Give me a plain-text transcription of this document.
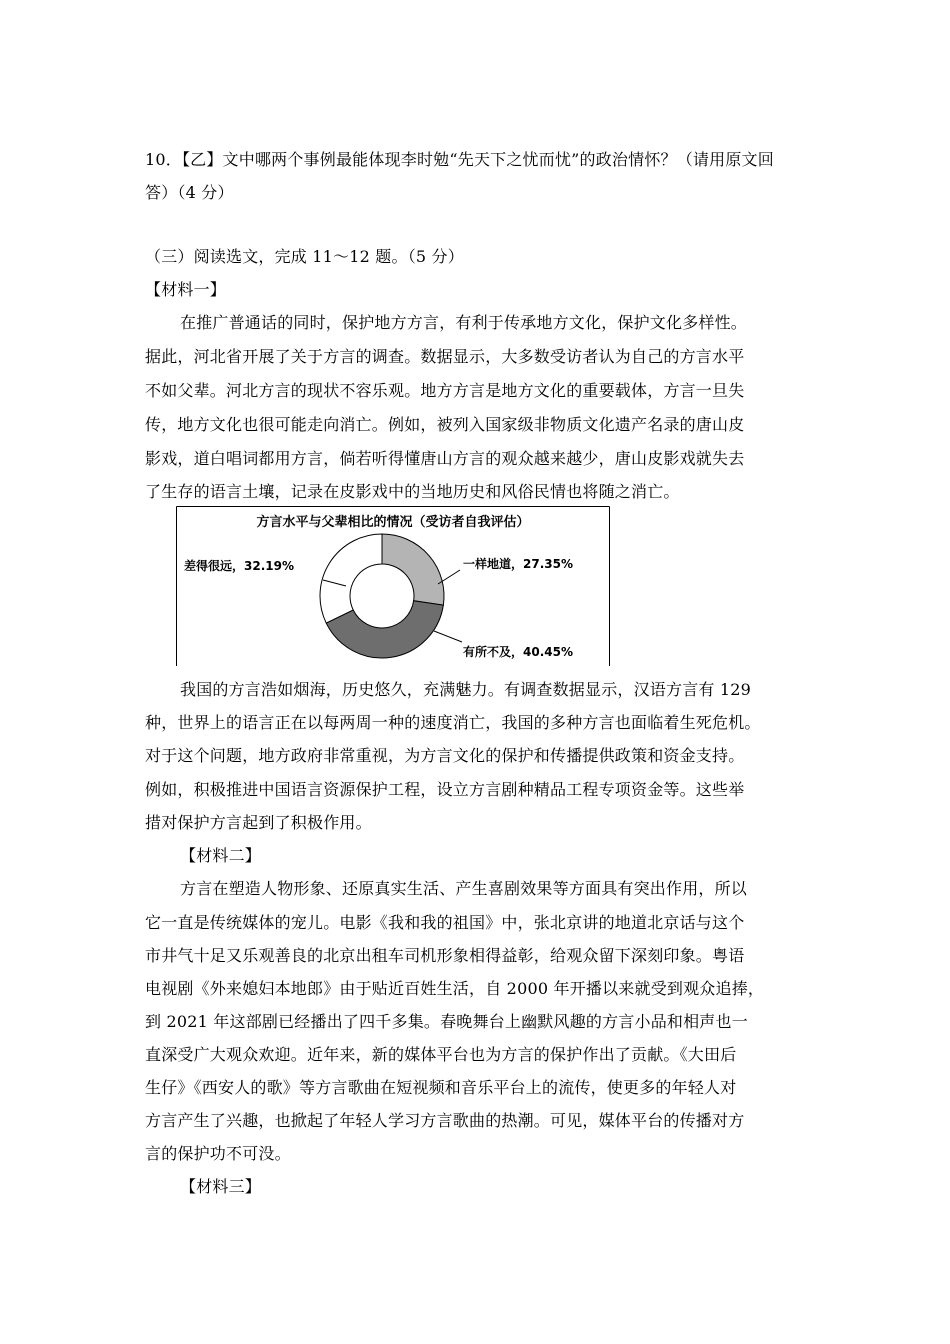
10．【乙】文中哪两个事例最能体现李时勉“先天下之忧而忧”的政治情怀？（请用原文回
答）（4 分）
（三）阅读选文，完成 11～12 题。（5 分）
【材料一】
在推广普通话的同时，保护地方方言，有利于传承地方文化，保护文化多样性。
据此，河北省开展了关于方言的调查。数据显示，大多数受访者认为自己的方言水平
不如父辈。河北方言的现状不容乐观。地方方言是地方文化的重要载体，方言一旦失
传，地方文化也很可能走向消亡。例如，被列入国家级非物质文化遗产名录的唐山皮
影戏，道白唱词都用方言，倘若听得懂唐山方言的观众越来越少，唐山皮影戏就失去
了生存的语言土壤，记录在皮影戏中的当地历史和风俗民情也将随之消亡。
方言水平与父辈相比的情况（受访者自我评估）
差得很远，32.19%	一样地道，27.35%
有所不及，40.45%
我国的方言浩如烟海，历史悠久，充满魅力。有调查数据显示，汉语方言有 129
种，世界上的语言正在以每两周一种的速度消亡，我国的多种方言也面临着生死危机。
对于这个问题，地方政府非常重视，为方言文化的保护和传播提供政策和资金支持。
例如，积极推进中国语言资源保护工程，设立方言剧种精品工程专项资金等。这些举
措对保护方言起到了积极作用。
【材料二】
方言在塑造人物形象、还原真实生活、产生喜剧效果等方面具有突出作用，所以
它一直是传统媒体的宠儿。电影《我和我的祖国》中，张北京讲的地道北京话与这个
市井气十足又乐观善良的北京出租车司机形象相得益彰，给观众留下深刻印象。粤语
电视剧《外来媳妇本地郎》由于贴近百姓生活，自 2000 年开播以来就受到观众追捧，
到 2021 年这部剧已经播出了四千多集。春晚舞台上幽默风趣的方言小品和相声也一
直深受广大观众欢迎。近年来，新的媒体平台也为方言的保护作出了贡献。《大田后
生仔》《西安人的歌》等方言歌曲在短视频和音乐平台上的流传，使更多的年轻人对
方言产生了兴趣，也掀起了年轻人学习方言歌曲的热潮。可见，媒体平台的传播对方
言的保护功不可没。
【材料三】
